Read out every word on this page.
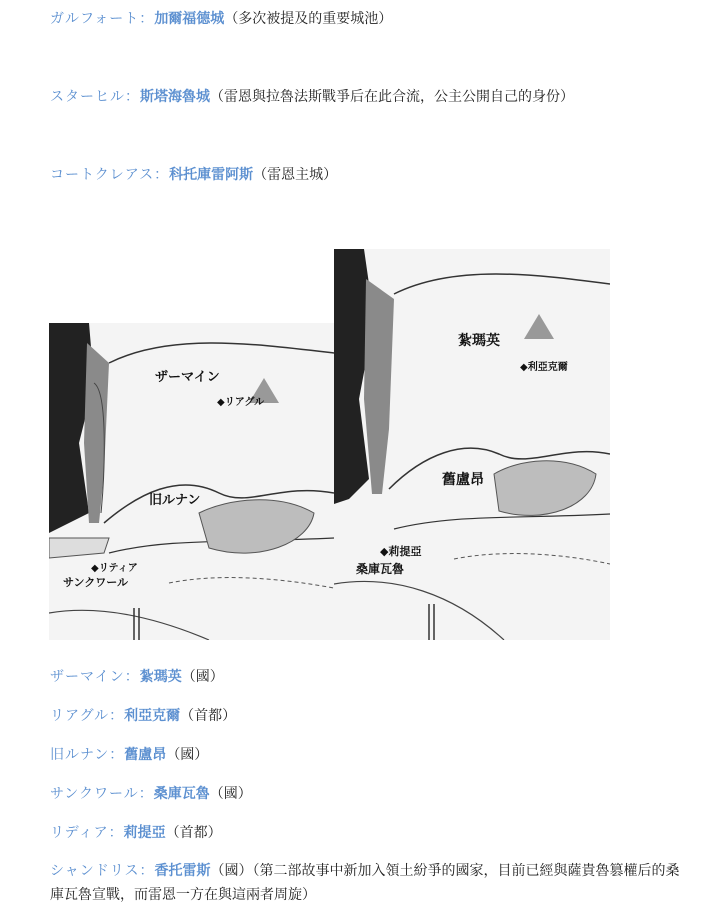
ガルフォート：加爾福德城（多次被提及的重要城池）
スターヒル：斯塔海魯城（雷恩與拉魯法斯戰爭后在此合流，公主公開自己的身份）
コートクレアス：科托庫雷阿斯（雷恩主城）
ザーマイン
◆リアグル
旧ルナン
◆リティア
サンクワール
紮瑪英
◆利亞克爾
舊盧昂
◆莉提亞
桑庫瓦魯
ザーマイン：紮瑪英（國）
リアグル：利亞克爾（首都）
旧ルナン：舊盧昂（國）
サンクワール：桑庫瓦魯（國）
リディア：莉提亞（首都）
シャンドリス：香托雷斯（國）（第二部故事中新加入領土紛爭的國家，目前已經與薩貴魯篡權后的桑庫瓦魯宣戰，而雷恩一方在與這兩者周旋）
